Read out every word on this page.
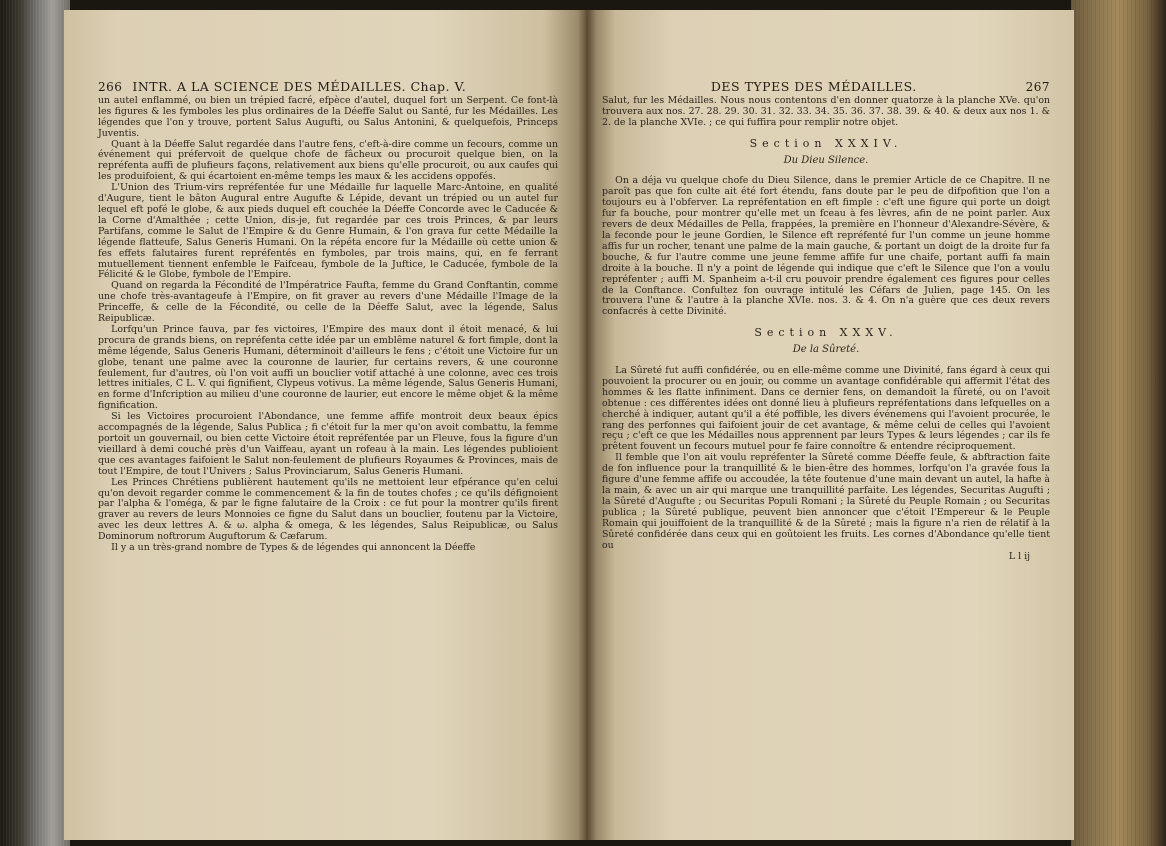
266 INTR. A LA SCIENCE DES MÉDAILLES. Chap. V.

un autel enflammé, ou bien un trépied facré, efpèce d'autel, duquel fort un Serpent. Ce font-là les figures & les fymboles les plus ordinaires de la Déeffe Salut ou Santé, fur les Médailles. Les légendes que l'on y trouve, portent Salus Augufti, ou Salus Antonini, & quelquefois, Princeps Juventis.

Quant à la Déeffe Salut regardée dans l'autre fens, c'eft-à-dire comme un fecours, comme un événement qui préfervoit de quelque chofe de fâcheux ou procuroit quelque bien, on la repréfenta auffi de plufieurs façons, relativement aux biens qu'elle procuroit, ou aux caufes qui les produifoient, & qui écartoient en-même temps les maux & les accidens oppofés.

L'Union des Trium-virs repréfentée fur une Médaille fur laquelle Marc-Antoine, en qualité d'Augure, tient le bâton Augural entre Augufte & Lépide, devant un trépied ou un autel fur lequel eft pofé le globe, & aux pieds duquel eft couchée la Déeffe Concorde avec le Caducée & la Corne d'Amalthée ; cette Union, dis-je, fut regardée par ces trois Princes, & par leurs Partifans, comme le Salut de l'Empire & du Genre Humain, & l'on grava fur cette Médaille la légende flatteufe, Salus Generis Humani. On la répéta encore fur la Médaille où cette union & fes effets falutaires furent repréfentés en fymboles, par trois mains, qui, en fe ferrant mutuellement tiennent enfemble le Faifceau, fymbole de la Juftice, le Caducée, fymbole de la Félicité & le Globe, fymbole de l'Empire.

Quand on regarda la Fécondité de l'Impératrice Faufta, femme du Grand Conftantin, comme une chofe très-avantageufe à l'Empire, on fit graver au revers d'une Médaille l'Image de la Princeffe, & celle de la Fécondité, ou celle de la Déeffe Salut, avec la légende, Salus Reipublicæ.

Lorfqu'un Prince fauva, par fes victoires, l'Empire des maux dont il étoit menacé, & lui procura de grands biens, on repréfenta cette idée par un emblême naturel & fort fimple, dont la même légende, Salus Generis Humani, déterminoit d'ailleurs le fens ; c'étoit une Victoire fur un globe, tenant une palme avec la couronne de laurier, fur certains revers, & une couronne feulement, fur d'autres, où l'on voit auffi un bouclier votif attaché à une colonne, avec ces trois lettres initiales, C L. V. qui fignifient, Clypeus votivus. La même légende, Salus Generis Humani, en forme d'Infcription au milieu d'une couronne de laurier, eut encore le même objet & la même fignification.

Si les Victoires procuroient l'Abondance, une femme affife montroit deux beaux épics accompagnés de la légende, Salus Publica ; fi c'étoit fur la mer qu'on avoit combattu, la femme portoit un gouvernail, ou bien cette Victoire étoit repréfentée par un Fleuve, fous la figure d'un vieillard à demi couché près d'un Vaiffeau, ayant un rofeau à la main. Les légendes publioient que ces avantages faifoient le Salut non-feulement de plufieurs Royaumes & Provinces, mais de tout l'Empire, de tout l'Univers ; Salus Provinciarum, Salus Generis Humani.

Les Princes Chrétiens publièrent hautement qu'ils ne mettoient leur efpérance qu'en celui qu'on devoit regarder comme le commencement & la fin de toutes chofes ; ce qu'ils défignoient par l'alpha & l'oméga, & par le figne falutaire de la Croix : ce fut pour la montrer qu'ils firent graver au revers de leurs Monnoies ce figne du Salut dans un bouclier, foutenu par la Victoire, avec les deux lettres A. & ω. alpha & omega, & les légendes, Salus Reipublicæ, ou Salus Dominorum noftrorum Auguftorum & Cæfarum.

Il y a un très-grand nombre de Types & de légendes qui annoncent la Déeffe

DES TYPES DES MÉDAILLES.	267

Salut, fur les Médailles. Nous nous contentons d'en donner quatorze à la planche XVe. qu'on trouvera aux nos. 27. 28. 29. 30. 31. 32. 33. 34. 35. 36. 37. 38. 39. & 40. & deux aux nos 1. & 2. de la planche XVIe. ; ce qui fuffira pour remplir notre objet.

Section XXXIV.
Du Dieu Silence.

On a déja vu quelque chofe du Dieu Silence, dans le premier Article de ce Chapitre. Il ne paroît pas que fon culte ait été fort étendu, fans doute par le peu de difpofition que l'on a toujours eu à l'obferver. La repréfentation en eft fimple : c'eft une figure qui porte un doigt fur fa bouche, pour montrer qu'elle met un fceau à fes lèvres, afin de ne point parler. Aux revers de deux Médailles de Pella, frappées, la première en l'honneur d'Alexandre-Sévère, & la feconde pour le jeune Gordien, le Silence eft repréfenté fur l'un comme un jeune homme affis fur un rocher, tenant une palme de la main gauche, & portant un doigt de la droite fur fa bouche, & fur l'autre comme une jeune femme affife fur une chaife, portant auffi fa main droite à la bouche. Il n'y a point de légende qui indique que c'eft le Silence que l'on a voulu repréfenter ; auffi M. Spanheim a-t-il cru pouvoir prendre également ces figures pour celles de la Conftance. Confultez fon ouvrage intitulé les Céfars de Julien, page 145. On les trouvera l'une & l'autre à la planche XVIe. nos. 3. & 4. On n'a guère que ces deux revers confacrés à cette Divinité.

Section XXXV.
De la Sûreté.

La Sûreté fut auffi confidérée, ou en elle-même comme une Divinité, fans égard à ceux qui pouvoient la procurer ou en jouir, ou comme un avantage confidérable qui affermit l'état des hommes & les flatte infiniment. Dans ce dernier fens, on demandoit la fûreté, ou on l'avoit obtenue : ces différentes idées ont donné lieu à plufieurs repréfentations dans lefquelles on a cherché à indiquer, autant qu'il a été poffible, les divers événemens qui l'avoient procurée, le rang des perfonnes qui faifoient jouir de cet avantage, & même celui de celles qui l'avoient reçu ; c'eft ce que les Médailles nous apprennent par leurs Types & leurs légendes ; car ils fe prêtent fouvent un fecours mutuel pour fe faire connoître & entendre réciproquement.

Il femble que l'on ait voulu repréfenter la Sûreté comme Déeffe feule, & abftraction faite de fon influence pour la tranquillité & le bien-être des hommes, lorfqu'on l'a gravée fous la figure d'une femme affife ou accoudée, la tête foutenue d'une main devant un autel, la hafte à la main, & avec un air qui marque une tranquillité parfaite. Les légendes, Securitas Augufti ; la Sûreté d'Augufte ; ou Securitas Populi Romani ; la Sûreté du Peuple Romain ; ou Securitas publica ; la Sûreté publique, peuvent bien annoncer que c'étoit l'Empereur & le Peuple Romain qui jouiffoient de la tranquillité & de la Sûreté ; mais la figure n'a rien de rélatif à la Sûreté confidérée dans ceux qui en goûtoient les fruits. Les cornes d'Abondance qu'elle tient ou

L l ij
